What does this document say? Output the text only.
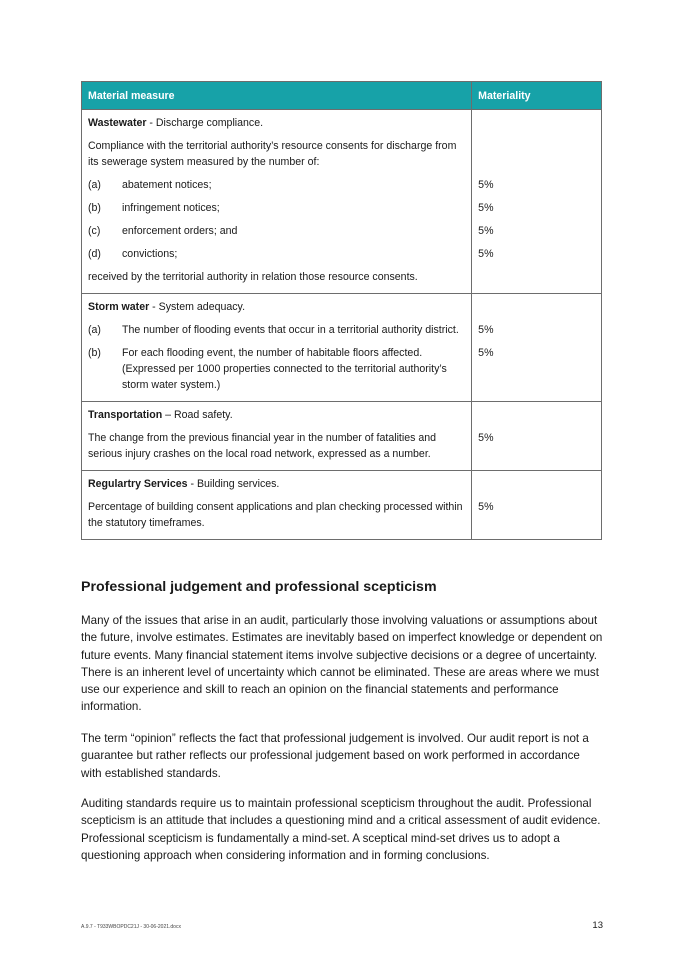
Material measure	Materiality
Wastewater - Discharge compliance.	
Compliance with the territorial authority’s resource consents for discharge from its sewerage system measured by the number of:	

(a) abatement notices;	5%

(b) infringement notices;	5%

(c) enforcement orders; and	5%

(d) convictions;	5%
received by the territorial authority in relation those resource consents.	
Storm water - System adequacy.	

(a) The number of flooding events that occur in a territorial authority district.	5%

(b) For each flooding event, the number of habitable floors affected. (Expressed per 1000 properties connected to the territorial authority’s storm water system.)	5%
Transportation – Road safety.	
The change from the previous financial year in the number of fatalities and serious injury crashes on the local road network, expressed as a number.	5%
Regulartry Services - Building services.	
Percentage of building consent applications and plan checking processed within the statutory timeframes.	5%
Professional judgement and professional scepticism

Many of the issues that arise in an audit, particularly those involving valuations or assumptions about the future, involve estimates. Estimates are inevitably based on imperfect knowledge or dependent on future events. Many financial statement items involve subjective decisions or a degree of uncertainty. There is an inherent level of uncertainty which cannot be eliminated. These are areas where we must use our experience and skill to reach an opinion on the financial statements and performance information.

The term “opinion” reflects the fact that professional judgement is involved. Our audit report is not a guarantee but rather reflects our professional judgement based on work performed in accordance with established standards.

Auditing standards require us to maintain professional scepticism throughout the audit. Professional scepticism is an attitude that includes a questioning mind and a critical assessment of audit evidence. Professional scepticism is fundamentally a mind-set. A sceptical mind-set drives us to adopt a questioning approach when considering information and in forming conclusions.

A.9.7 - T933WBOPDC21J - 30-06-2021.docx	13
